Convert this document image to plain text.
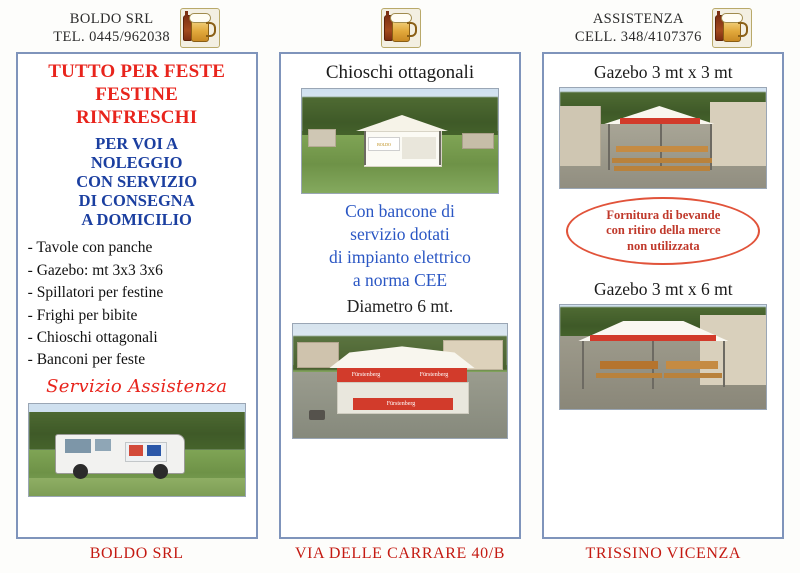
BOLDO SRL
TEL. 0445/962038
TUTTO PER FESTE
FESTINE
RINFRESCHI
PER VOI A
NOLEGGIO
CON SERVIZIO
DI CONSEGNA
A DOMICILIO
- Tavole con panche
- Gazebo: mt 3x3 3x6
- Spillatori per festine
- Frighi per bibite
- Chioschi ottagonali
- Banconi per feste
Servizio Assistenza
BOLDO SRL
Chioschi ottagonali
BOLDO
Con bancone di
servizio dotati
di impianto elettrico
a norma CEE
Diametro 6 mt.
Fürstenberg	Fürstenberg
Fürstenberg
VIA DELLE CARRARE 40/B
ASSISTENZA
CELL. 348/4107376
Gazebo 3 mt x 3 mt
Fornitura di bevande
con ritiro della merce
non utilizzata
Gazebo 3 mt x 6 mt
TRISSINO VICENZA
